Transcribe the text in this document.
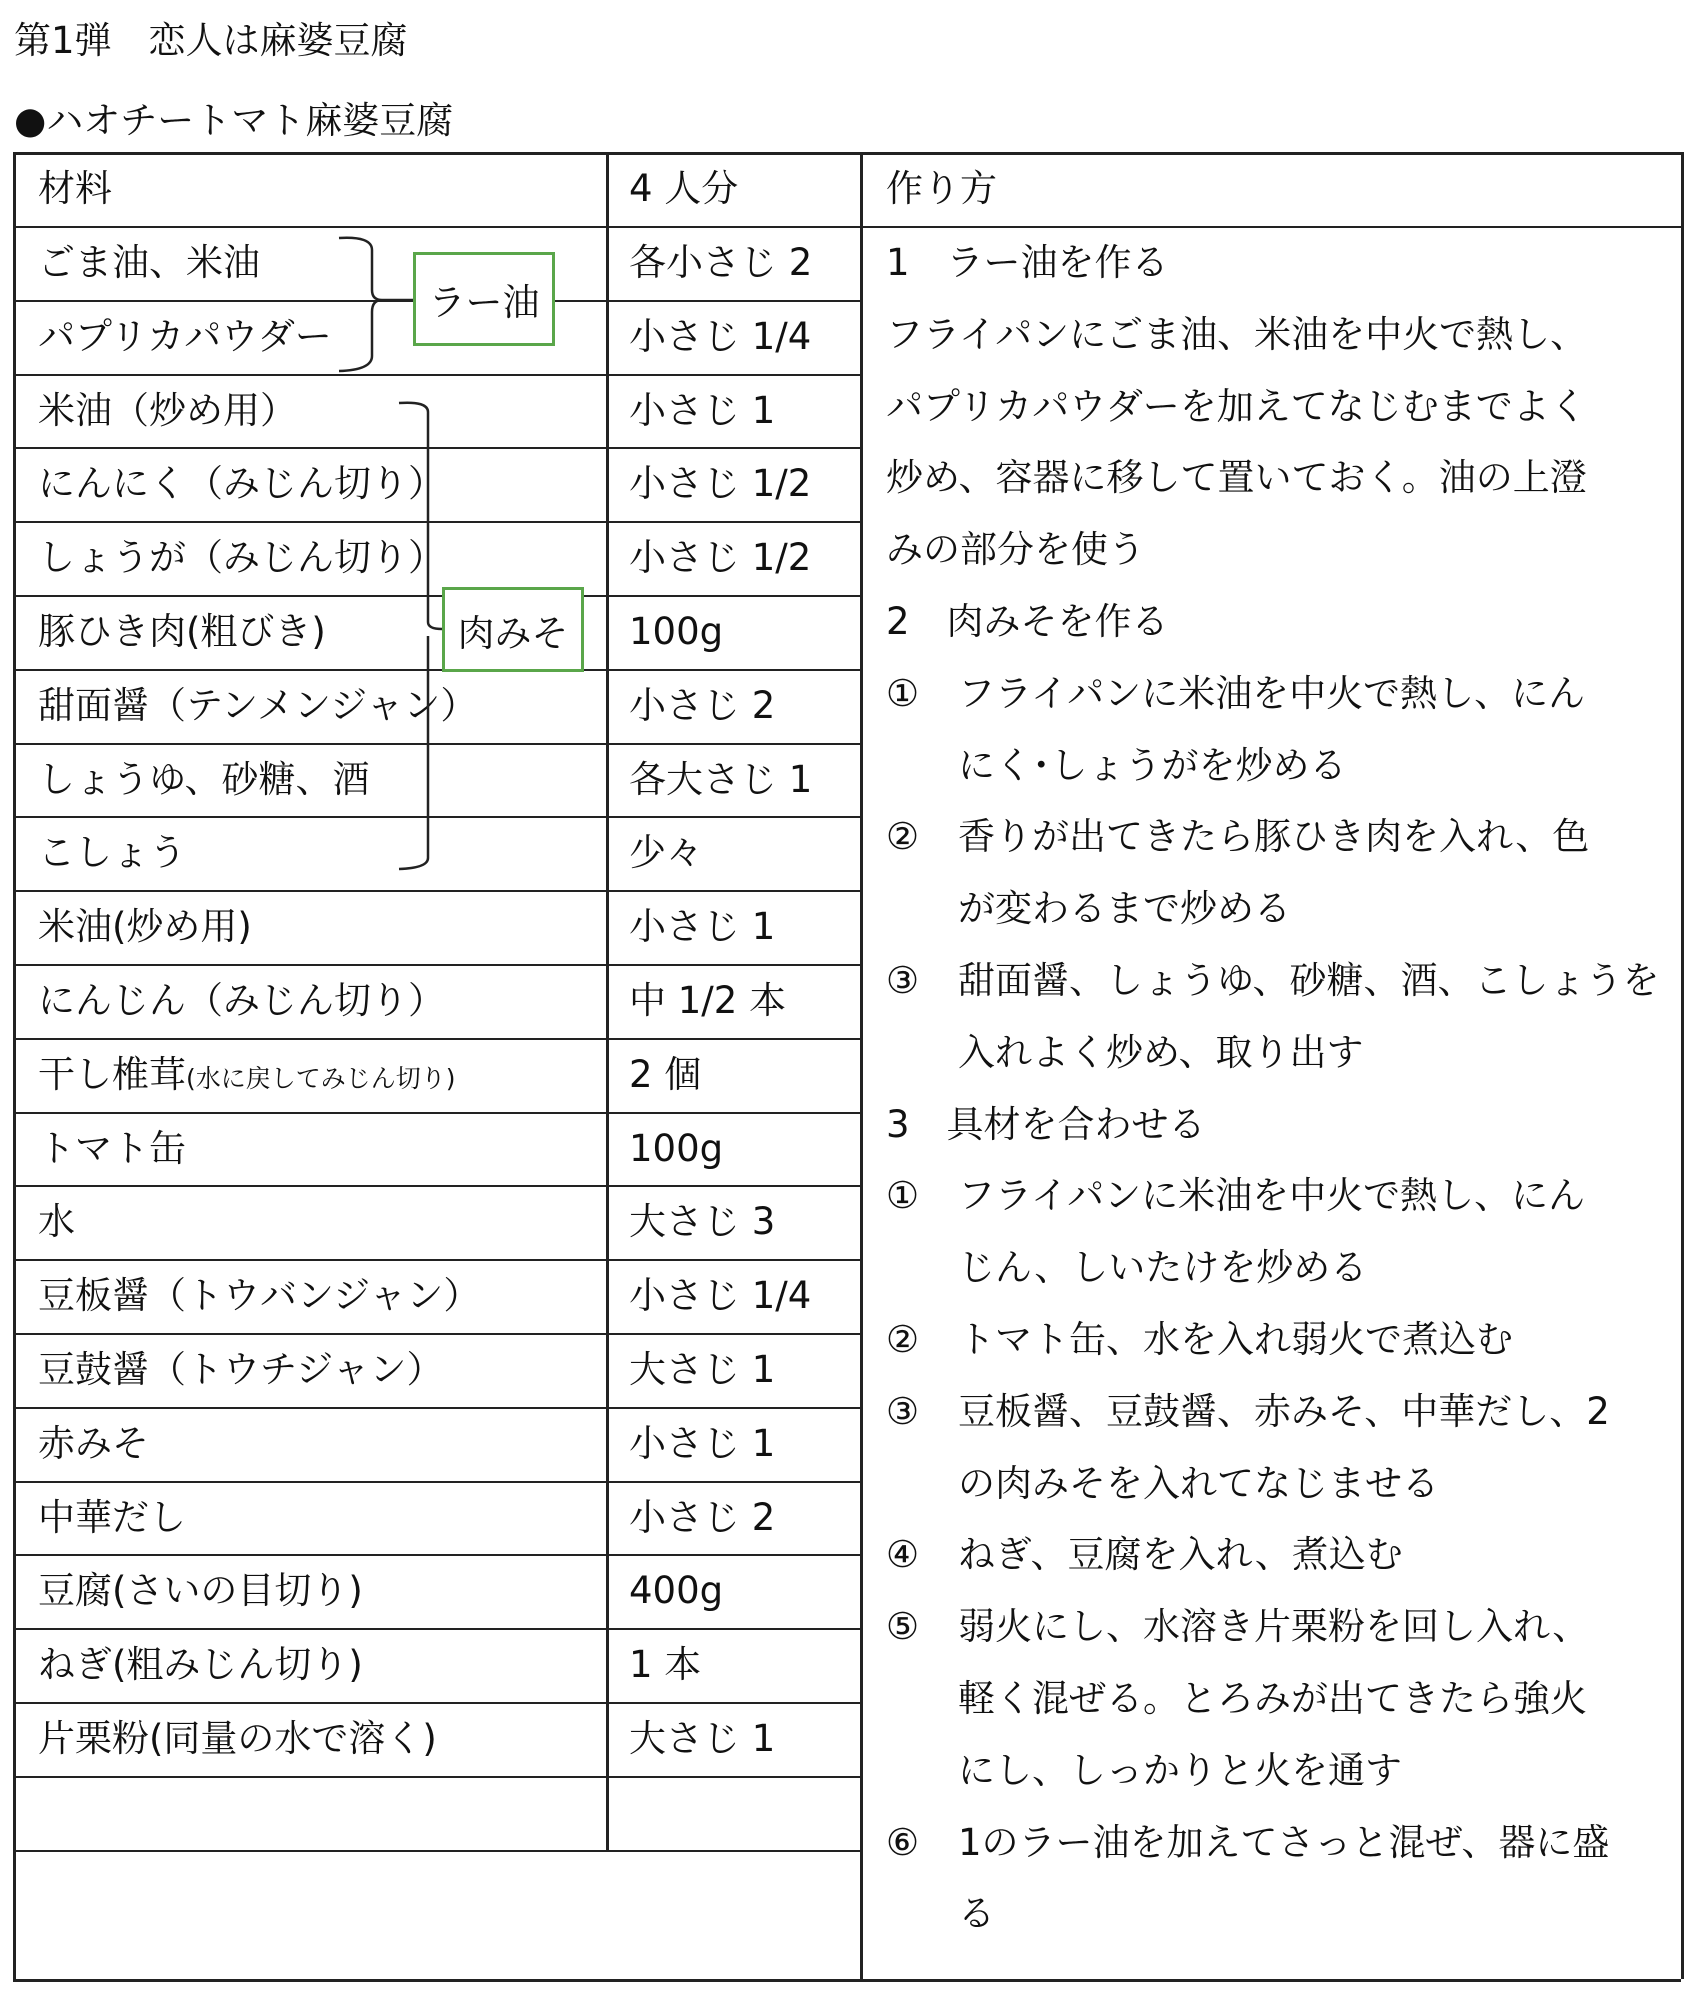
第1弾　恋人は麻婆豆腐
●ハオチートマト麻婆豆腐
材料	4 人分	作り方
ごま油、米油	各小さじ 2
パプリカパウダー	小さじ 1/4
米油（炒め用）	小さじ 1
にんにく（みじん切り）	小さじ 1/2
しょうが（みじん切り）	小さじ 1/2
豚ひき肉(粗びき)	100g
甜面醤（テンメンジャン）	小さじ 2
しょうゆ、砂糖、酒	各大さじ 1
こしょう	少々
米油(炒め用)	小さじ 1
にんじん（みじん切り）	中 1/2 本
干し椎茸(水に戻してみじん切り)	2 個
トマト缶	100g
水	大さじ 3
豆板醤（トウバンジャン）	小さじ 1/4
豆鼓醤（トウチジャン）	大さじ 1
赤みそ	小さじ 1
中華だし	小さじ 2
豆腐(さいの目切り)	400g
ねぎ(粗みじん切り)	1 本
片栗粉(同量の水で溶く)	大さじ 1
1　ラー油を作る
フライパンにごま油、米油を中火で熱し、
パプリカパウダーを加えてなじむまでよく
炒め、容器に移して置いておく。油の上澄
みの部分を使う
2　肉みそを作る
① フライパンに米油を中火で熱し、にん
にく･しょうがを炒める
② 香りが出てきたら豚ひき肉を入れ、色
が変わるまで炒める
③ 甜面醤、しょうゆ、砂糖、酒、こしょうを
入れよく炒め、取り出す
3　具材を合わせる
① フライパンに米油を中火で熱し、にん
じん、しいたけを炒める
② トマト缶、水を入れ弱火で煮込む
③ 豆板醤、豆鼓醤、赤みそ、中華だし、2
の肉みそを入れてなじませる
④ ねぎ、豆腐を入れ、煮込む
⑤ 弱火にし、水溶き片栗粉を回し入れ、
軽く混ぜる。とろみが出てきたら強火
にし、しっかりと火を通す
⑥ 1のラー油を加えてさっと混ぜ、器に盛
る
ラー油
肉みそ
